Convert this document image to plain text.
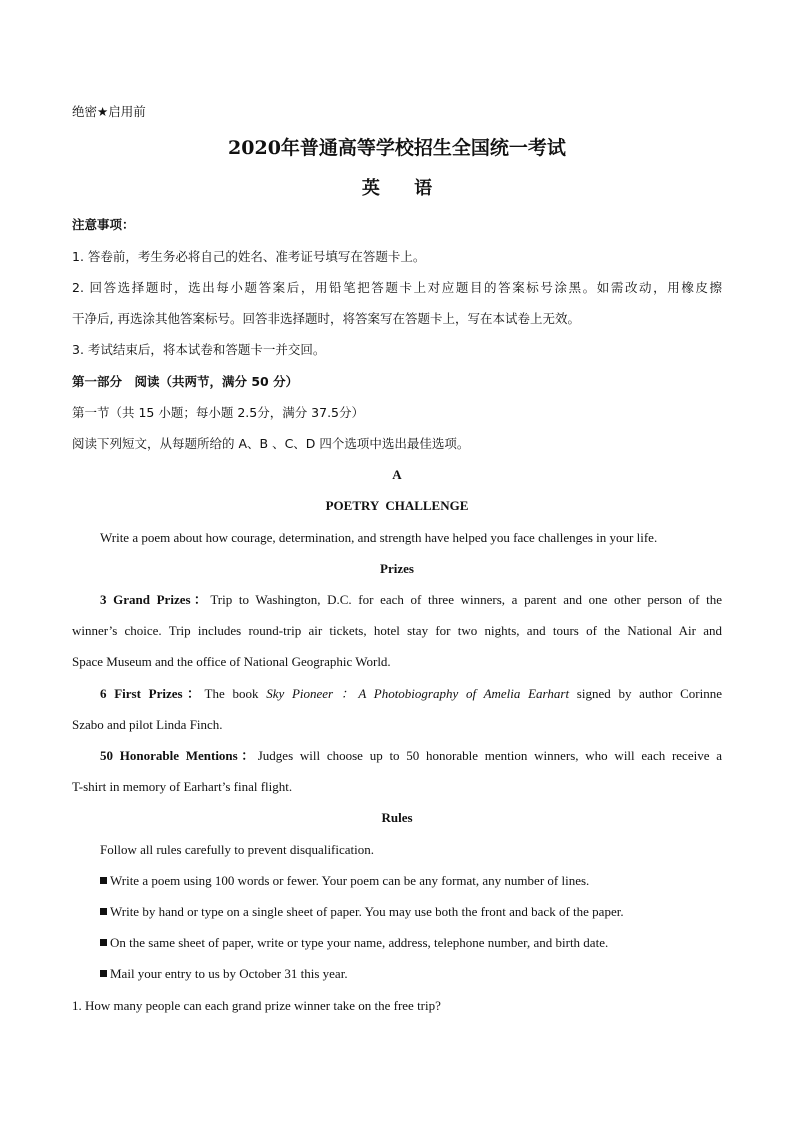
绝密★启用前
2020年普通高等学校招生全国统一考试
英 语
注意事项：
1. 答卷前，考生务必将自己的姓名、准考证号填写在答题卡上。
2. 回答选择题时，选出每小题答案后，用铅笔把答题卡上对应题目的答案标号涂黑。如需改动，用橡皮擦
干净后, 再选涂其他答案标号。回答非选择题时，将答案写在答题卡上，写在本试卷上无效。
3. 考试结束后，将本试卷和答题卡一并交回。
第一部分　阅读（共两节，满分 50 分）
第一节（共 15 小题；每小题 2.5分，满分 37.5分）
阅读下列短文，从每题所给的 A、B 、C、D 四个选项中选出最佳选项。
A
POETRY  CHALLENGE
Write a poem about how courage, determination, and strength have helped you face challenges in your life.
Prizes
3 Grand Prizes：Trip to Washington, D.C. for each of three winners, a parent and one other person of the
winner’s choice. Trip includes round-trip air tickets, hotel stay for two nights, and tours of the National Air and
Space Museum and the office of National Geographic World.
6 First Prizes：The book Sky Pioneer ：A Photobiography of Amelia Earhart signed by author Corinne
Szabo and pilot Linda Finch.
50 Honorable Mentions：Judges will choose up to 50 honorable mention winners, who will each receive a
T-shirt in memory of Earhart’s final flight.
Rules
Follow all rules carefully to prevent disqualification.
Write a poem using 100 words or fewer. Your poem can be any format, any number of lines.
Write by hand or type on a single sheet of paper. You may use both the front and back of the paper.
On the same sheet of paper, write or type your name, address, telephone number, and birth date.
Mail your entry to us by October 31 this year.
1. How many people can each grand prize winner take on the free trip?
